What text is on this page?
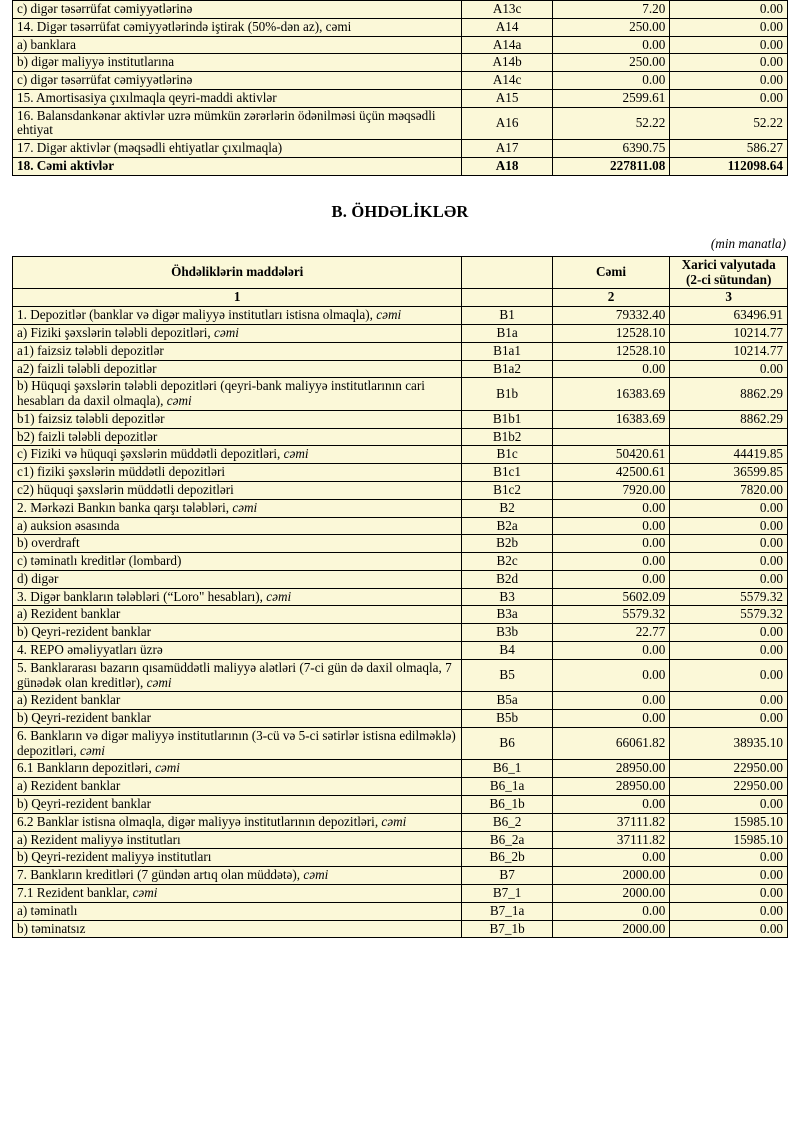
c) digər təsərrüfat cəmiyyətlərinə	A13c	7.20	0.00
14. Digər təsərrüfat cəmiyyətlərində iştirak (50%-dən az), cəmi	A14	250.00	0.00
a) banklara	A14a	0.00	0.00
b) digər maliyyə institutlarına	A14b	250.00	0.00
c) digər təsərrüfat cəmiyyətlərinə	A14c	0.00	0.00
15. Amortisasiya çıxılmaqla qeyri-maddi aktivlər	A15	2599.61	0.00
16. Balansdankənar aktivlər uzrə mümkün zərərlərin ödənilməsi üçün məqsədli ehtiyat	A16	52.22	52.22
17. Digər aktivlər (məqsədli ehtiyatlar çıxılmaqla)	A17	6390.75	586.27
18. Cəmi aktivlər	A18	227811.08	112098.64
B. ÖHDƏLİKLƏR
(min manatla)
Öhdəliklərin maddələri		Cəmi	Xarici valyutada (2-ci sütundan)
1		2	3
1. Depozitlər (banklar və digər maliyyə institutları istisna olmaqla), cəmi	B1	79332.40	63496.91
a) Fiziki şəxslərin tələbli depozitləri, cəmi	B1a	12528.10	10214.77
a1) faizsiz tələbli depozitlər	B1a1	12528.10	10214.77
a2) faizli tələbli depozitlər	B1a2	0.00	0.00
b) Hüquqi şəxslərin tələbli depozitləri (qeyri-bank maliyyə institutlarının cari hesabları da daxil olmaqla), cəmi	B1b	16383.69	8862.29
b1) faizsiz tələbli depozitlər	B1b1	16383.69	8862.29
b2) faizli tələbli depozitlər	B1b2		
c) Fiziki və hüquqi şəxslərin müddətli depozitləri, cəmi	B1c	50420.61	44419.85
c1) fiziki şəxslərin müddətli depozitləri	B1c1	42500.61	36599.85
c2) hüquqi şəxslərin müddətli depozitləri	B1c2	7920.00	7820.00
2. Mərkəzi Bankın banka qarşı tələbləri, cəmi	B2	0.00	0.00
a) auksion əsasında	B2a	0.00	0.00
b) overdraft	B2b	0.00	0.00
c) təminatlı kreditlər (lombard)	B2c	0.00	0.00
d) digər	B2d	0.00	0.00
3. Digər bankların tələbləri (“Loro" hesabları), cəmi	B3	5602.09	5579.32
a) Rezident banklar	B3a	5579.32	5579.32
b) Qeyri-rezident banklar	B3b	22.77	0.00
4. REPO əməliyyatları üzrə	B4	0.00	0.00
5. Banklararası bazarın qısamüddətli maliyyə alətləri (7-ci gün də daxil olmaqla, 7 günədək olan kreditlər), cəmi	B5	0.00	0.00
a) Rezident banklar	B5a	0.00	0.00
b) Qeyri-rezident banklar	B5b	0.00	0.00
6. Bankların və digər maliyyə institutlarının (3-cü və 5-ci sətirlər istisna edilməklə) depozitləri, cəmi	B6	66061.82	38935.10
6.1 Bankların depozitləri, cəmi	B6_1	28950.00	22950.00
a) Rezident banklar	B6_1a	28950.00	22950.00
b) Qeyri-rezident banklar	B6_1b	0.00	0.00
6.2 Banklar istisna olmaqla, digər maliyyə institutlarının depozitləri, cəmi	B6_2	37111.82	15985.10
a) Rezident maliyyə institutları	B6_2a	37111.82	15985.10
b) Qeyri-rezident maliyyə institutları	B6_2b	0.00	0.00
7. Bankların kreditləri (7 gündən artıq olan müddətə), cəmi	B7	2000.00	0.00
7.1 Rezident banklar, cəmi	B7_1	2000.00	0.00
a) təminatlı	B7_1a	0.00	0.00
b) təminatsız	B7_1b	2000.00	0.00
